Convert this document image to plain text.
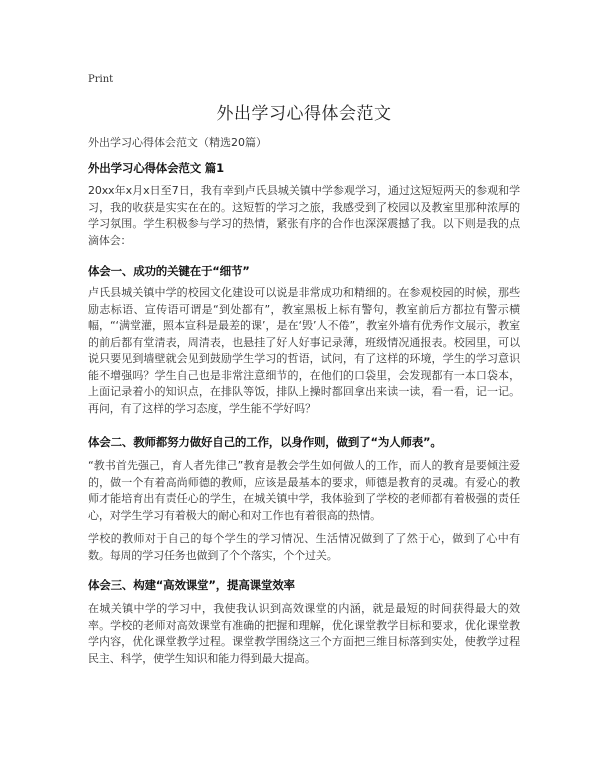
Print
外出学习心得体会范文
外出学习心得体会范文（精选20篇）
外出学习心得体会范文 篇1
20xx年x月x日至7日，我有幸到卢氏县城关镇中学参观学习，通过这短短两天的参观和学习，我的收获是实实在在的。这短暂的学习之旅，我感受到了校园以及教室里那种浓厚的学习氛围。学生积极参与学习的热情，紧张有序的合作也深深震撼了我。以下则是我的点滴体会：
体会一、成功的关键在于“细节”
卢氏县城关镇中学的校园文化建设可以说是非常成功和精细的。在参观校园的时候，那些励志标语、宣传语可谓是“到处都有”，教室黑板上标有警句，教室前后方都拉有警示横幅，“‘满堂灌，照本宣科是最差的课’，是在‘毁’人不倦”，教室外墙有优秀作文展示，教室的前后都有堂清表，周清表，也悬挂了好人好事记录薄，班级情况通报表。校园里，可以说只要见到墙壁就会见到鼓励学生学习的哲语，试问，有了这样的环境，学生的学习意识能不增强吗？学生自己也是非常注意细节的，在他们的口袋里，会发现都有一本口袋本，上面记录着小的知识点，在排队等饭，排队上操时都回拿出来读一读，看一看，记一记。再问，有了这样的学习态度，学生能不学好吗？
体会二、教师都努力做好自己的工作，以身作则，做到了“为人师表”。
“教书首先强己，育人者先律己”教育是教会学生如何做人的工作，而人的教育是要倾注爱的，做一个有着高尚师德的教师，应该是最基本的要求，师德是教育的灵魂。有爱心的教师才能培育出有责任心的学生，在城关镇中学，我体验到了学校的老师都有着极强的责任心，对学生学习有着极大的耐心和对工作也有着很高的热情。
学校的教师对于自己的每个学生的学习情况、生活情况做到了了然于心，做到了心中有数。每周的学习任务也做到了个个落实，个个过关。
体会三、构建“高效课堂”，提高课堂效率
在城关镇中学的学习中，我使我认识到高效课堂的内涵，就是最短的时间获得最大的效率。学校的老师对高效课堂有准确的把握和理解，优化课堂教学目标和要求，优化课堂教学内容，优化课堂教学过程。课堂教学围绕这三个方面把三维目标落到实处，使教学过程民主、科学，使学生知识和能力得到最大提高。
